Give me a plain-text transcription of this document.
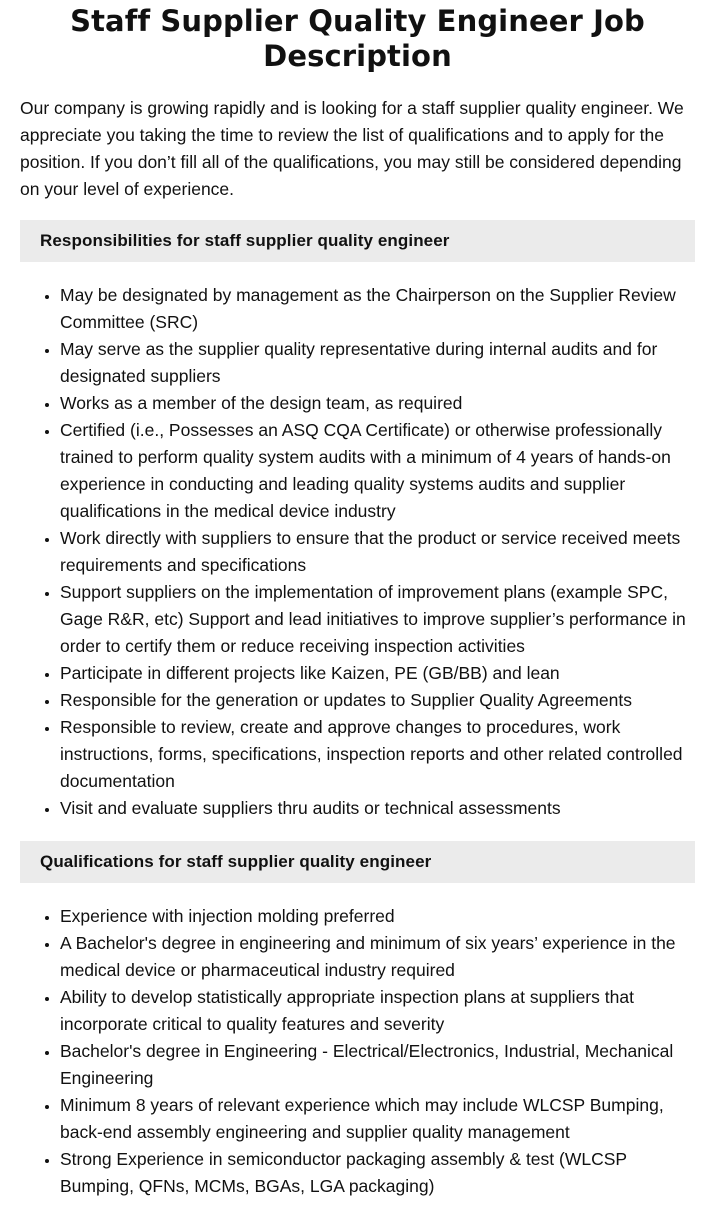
Staff Supplier Quality Engineer Job Description

Our company is growing rapidly and is looking for a staff supplier quality engineer. We appreciate you taking the time to review the list of qualifications and to apply for the position. If you don’t fill all of the qualifications, you may still be considered depending on your level of experience.

Responsibilities for staff supplier quality engineer
• May be designated by management as the Chairperson on the Supplier Review Committee (SRC)
• May serve as the supplier quality representative during internal audits and for designated suppliers
• Works as a member of the design team, as required
• Certified (i.e., Possesses an ASQ CQA Certificate) or otherwise professionally trained to perform quality system audits with a minimum of 4 years of hands-on experience in conducting and leading quality systems audits and supplier qualifications in the medical device industry
• Work directly with suppliers to ensure that the product or service received meets requirements and specifications
• Support suppliers on the implementation of improvement plans (example SPC, Gage R&R, etc) Support and lead initiatives to improve supplier’s performance in order to certify them or reduce receiving inspection activities
• Participate in different projects like Kaizen, PE (GB/BB) and lean
• Responsible for the generation or updates to Supplier Quality Agreements
• Responsible to review, create and approve changes to procedures, work instructions, forms, specifications, inspection reports and other related controlled documentation
• Visit and evaluate suppliers thru audits or technical assessments
Qualifications for staff supplier quality engineer
• Experience with injection molding preferred
• A Bachelor's degree in engineering and minimum of six years’ experience in the medical device or pharmaceutical industry required
• Ability to develop statistically appropriate inspection plans at suppliers that incorporate critical to quality features and severity
• Bachelor's degree in Engineering - Electrical/Electronics, Industrial, Mechanical Engineering
• Minimum 8 years of relevant experience which may include WLCSP Bumping, back-end assembly engineering and supplier quality management
• Strong Experience in semiconductor packaging assembly & test (WLCSP Bumping, QFNs, MCMs, BGAs, LGA packaging)
